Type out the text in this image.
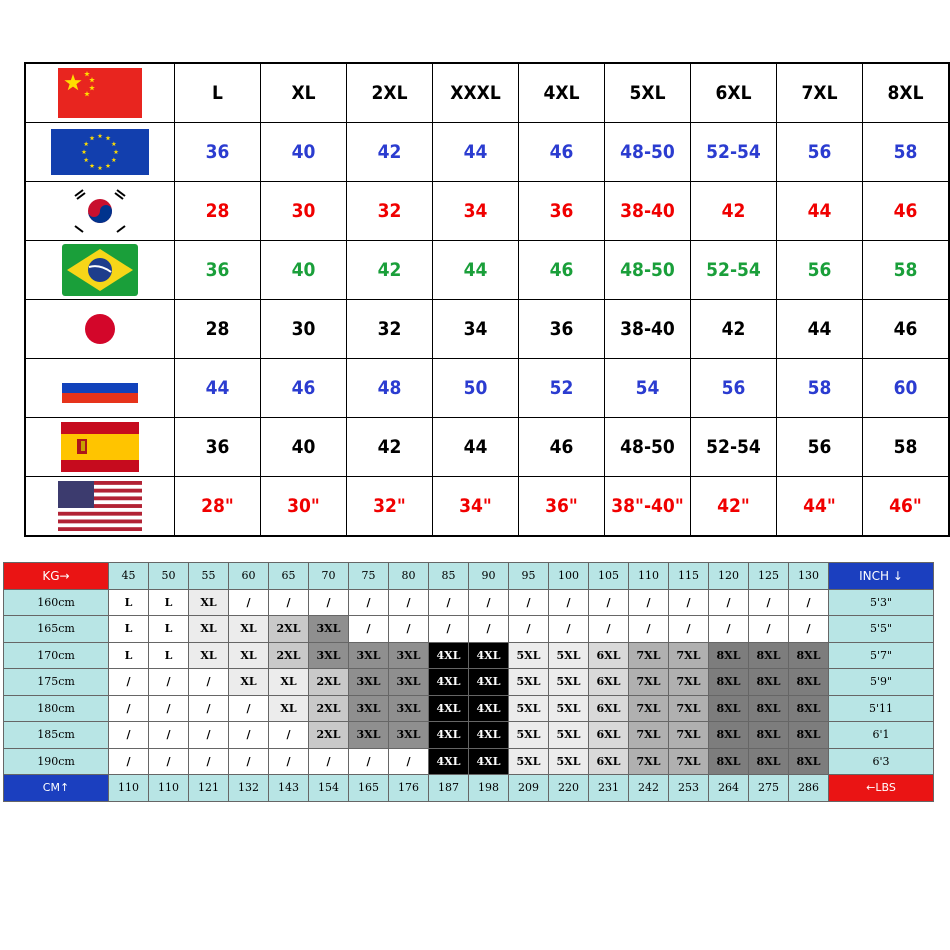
	L	XL	2XL	XXXL	4XL	5XL	6XL	7XL	8XL

	36	40	42	44	46	48-50	52-54	56	58

	28	30	32	34	36	38-40	42	44	46

	36	40	42	44	46	48-50	52-54	56	58

	28	30	32	34	36	38-40	42	44	46

	44	46	48	50	52	54	56	58	60

	36	40	42	44	46	48-50	52-54	56	58

	28"	30"	32"	34"	36"	38"-40"	42"	44"	46"
KG→	45	50	55	60	65	70	75	80	85	90	95	100	105	110	115	120	125	130	INCH ↓
160cm	L	L	XL	/	/	/	/	/	/	/	/	/	/	/	/	/	/	/	5'3"
165cm	L	L	XL	XL	2XL	3XL	/	/	/	/	/	/	/	/	/	/	/	/	5'5"
170cm	L	L	XL	XL	2XL	3XL	3XL	3XL	4XL	4XL	5XL	5XL	6XL	7XL	7XL	8XL	8XL	8XL	5'7"
175cm	/	/	/	XL	XL	2XL	3XL	3XL	4XL	4XL	5XL	5XL	6XL	7XL	7XL	8XL	8XL	8XL	5'9"
180cm	/	/	/	/	XL	2XL	3XL	3XL	4XL	4XL	5XL	5XL	6XL	7XL	7XL	8XL	8XL	8XL	5'11
185cm	/	/	/	/	/	2XL	3XL	3XL	4XL	4XL	5XL	5XL	6XL	7XL	7XL	8XL	8XL	8XL	6'1
190cm	/	/	/	/	/	/	/	/	4XL	4XL	5XL	5XL	6XL	7XL	7XL	8XL	8XL	8XL	6'3
CM↑	110	110	121	132	143	154	165	176	187	198	209	220	231	242	253	264	275	286	←LBS
